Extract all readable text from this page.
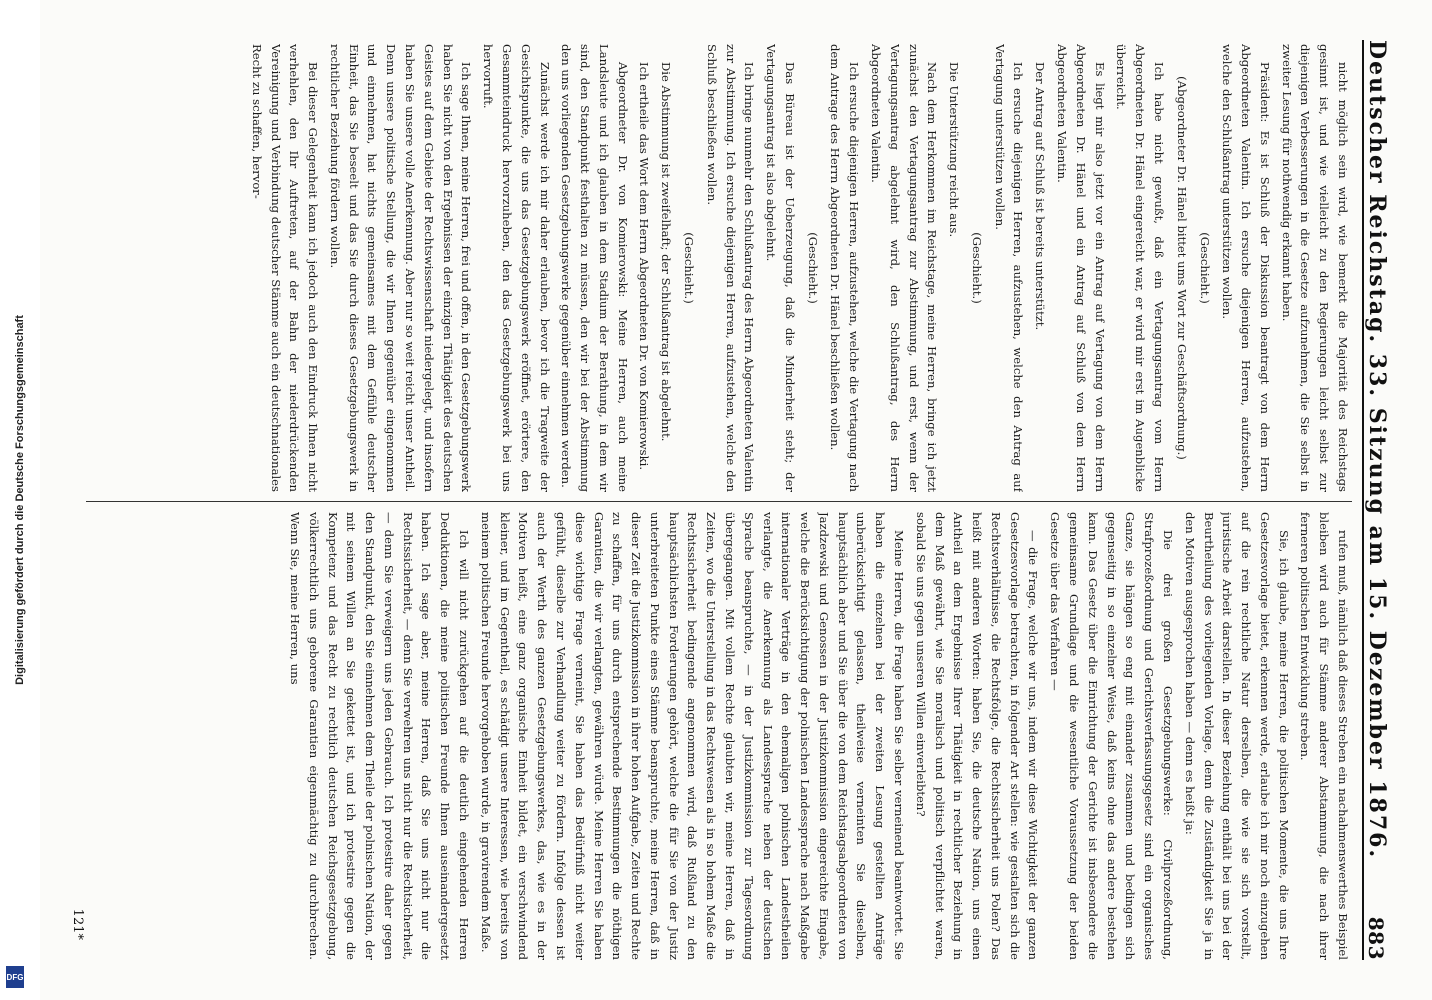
Digitalisierung gefördert durch die Deutsche Forschungsgemeinschaft
DFG
Deutscher Reichstag. 33. Sitzung am 15. Dezember 1876.
883

nicht möglich sein wird, wie bemerkt die Majorität des Reichstags gesinnt ist, und wie vielleicht zu den Regierungen leicht selbst zur diejenigen Verbesserungen in die Gesetze aufzunehmen, die Sie selbst in zweiter Lesung für nothwendig erkannt haben.

Präsident: Es ist Schluß der Diskussion beantragt von dem Herrn Abgeordneten Valentin. Ich ersuche diejenigen Herren, aufzustehen, welche den Schlußantrag unterstützen wollen.

(Geschieht.)

(Abgeordneter Dr. Hänel bittet ums Wort zur Geschäftsordnung.)

Ich habe nicht gewußt, daß ein Vertagungsantrag vom Herrn Abgeordneten Dr. Hänel eingereicht war, er wird mir erst im Augenblicke überreicht.

Es liegt mir also jetzt vor ein Antrag auf Vertagung von dem Herrn Abgeordneten Dr. Hänel und ein Antrag auf Schluß von dem Herrn Abgeordneten Valentin.

Der Antrag auf Schluß ist bereits unterstützt.

Ich ersuche diejenigen Herren, aufzustehen, welche den Antrag auf Vertagung unterstützen wollen.

(Geschieht.)

Die Unterstützung reicht aus.

Nach dem Herkommen im Reichstage, meine Herren, bringe ich jetzt zunächst den Vertagungsantrag zur Abstimmung, und erst, wenn der Vertagungsantrag abgelehnt wird, den Schlußantrag, des Herrn Abgeordneten Valentin.

Ich ersuche diejenigen Herren, aufzustehen, welche die Vertagung nach dem Antrage des Herrn Abgeordneten Dr. Hänel beschließen wollen.

(Geschieht.)

Das Büreau ist der Ueberzeugung, daß die Minderheit steht; der Vertagungsantrag ist also abgelehnt.

Ich bringe nunmehr den Schlußantrag des Herrn Abgeordneten Valentin zur Abstimmung. Ich ersuche diejenigen Herren, aufzustehen, welche den Schluß beschließen wollen.

(Geschieht.)

Die Abstimmung ist zweifelhaft; der Schlußantrag ist abgelehnt.

Ich ertheile das Wort dem Herrn Abgeordneten Dr. von Komierowski.

Abgeordneter Dr. von Komierowski: Meine Herren, auch meine Landsleute und ich glauben in dem Stadium der Berathung, in dem wir sind, den Standpunkt festhalten zu müssen, den wir bei der Abstimmung den uns vorliegenden Gesetzgebungswerke gegenüber einnehmen werden.

Zunächst werde ich mir daher erlauben, bevor ich die Tragweite der Gesichtspunkte, die uns das Gesetzgebungswerk eröffnet, erörtere, den Gesammteindruck hervorzuheben, den das Gesetzgebungswerk bei uns hervorruft.

Ich sage Ihnen, meine Herren, frei und offen, in den Gesetzgebungswerk haben Sie nicht von den Ergebnissen der einzigen Thätigkeit des deutschen Geistes auf dem Gebiete der Rechtswissenschaft niedergelegt, und insofern haben Sie unsere volle Anerkennung. Aber nur so weit reicht unser Antheil. Denn unsere politische Stellung, die wir Ihnen gegenüber eingenommen und einnehmen, hat nichts gemeinsames mit dem Gefühle deutscher Einheit, das Sie beseelt und das Sie durch dieses Gesetzgebungswerk in rechtlicher Beziehung fördern wollen.

Bei dieser Gelegenheit kann ich jedoch auch den Eindruck Ihnen nicht verhehlen, den Ihr Auftreten, auf der Bahn der niederdrückenden Vereinigung und Verbindung deutscher Stämme auch ein deutschnationales Recht zu schaffen, hervor-

rufen muß, nämlich daß dieses Streben ein nachahmenswerthes Beispiel bleiben wird auch für Stämme anderer Abstammung, die nach ihrer ferneren politischen Entwicklung streben.

Sie, ich glaube, meine Herren, die politischen Momente, die uns Ihre Gesetzesvorlage bietet, erkennen werde, erlaube ich mir noch einzugehen auf die rein rechtliche Natur derselben, die wie sie sich vorstellt, juristische Arbeit darstellen. In dieser Beziehung enthält bei uns bei der Beurtheilung des vorliegenden Vorlage, denn die Zuständigkeit Sie ja in den Motiven ausgesprochen haben — denn es heißt ja:

Die drei großen Gesetzgebungswerke: Civilprozeßordnung, Strafprozeßordnung und Gerichtsverfassungsgesetz sind ein organisches Ganze, sie hängen so eng mit einander zusammen und bedingen sich gegenseitig in so einzelner Weise, daß keins ohne das andere bestehen kann. Das Gesetz über die Einrichtung der Gerichte ist insbesondere die gemeinsame Grundlage und die wesentliche Voraussetzung der beiden Gesetze über das Verfahren —

— die Frage, welche wir uns, indem wir diese Wichtigkeit der ganzen Gesetzesvorlage betrachten, in folgender Art stellen: wie gestalten sich die Rechtsverhältnisse, die Rechtsfolge, die Rechtssicherheit uns Polen? Das heißt mit anderen Worten: haben Sie, die deutsche Nation, uns einen Antheil an dem Ergebnisse Ihrer Thätigkeit in rechtlicher Beziehung in dem Maß gewährt, wie Sie moralisch und politisch verpflichtet waren, sobald Sie uns gegen unseren Willen einverleibten?

Meine Herren, die Frage haben Sie selber verneinend beantwortet. Sie haben die einzelnen bei der zweiten Lesung gestellten Anträge unberücksichtigt gelassen, theilweise verneinten Sie dieselben, hauptsächlich aber und Sie über die von dem Reichstagsabgeordneten von Jazdzewski und Genossen in der Justizkommission eingereichte Eingabe, welche die Berücksichtigung der polnischen Landessprache nach Maßgabe internationaler Verträge in den ehemaligen polnischen Landestheilen verlangte, die Anerkennung als Landessprache neben der deutschen Sprache beanspruchte, — in der Justizkommission zur Tagesordnung übergegangen. Mit vollem Rechte glaubten wir, meine Herren, daß in Zeiten, wo die Unterstellung in das Rechtswesen als in so hohem Maße die Rechtssicherheit bedingende angenommen wird, daß Rußland zu den hauptsächlichsten Forderungen gehört, welche die für Sie von der Justiz unterbreiteten Punkte eines Stämme beanspruchte, meine Herren, daß in dieser Zeit die Justizkommission in ihrer hohen Aufgabe, Zeiten und Rechte zu schaffen, für uns durch entsprechende Bestimmungen die nöthigen Garantien, die wir verlangten, gewähren würde. Meine Herren Sie haben diese wichtige Frage verneint, Sie haben das Bedürfniß nicht weiter gefühlt, dieselbe zur Verhandlung weiter zu fördern. Infolge dessen ist auch der Werth des ganzen Gesetzgebungswerkes, das, wie es in der Motiven heißt, eine ganz organische Einheit bildet, ein verschwindend kleiner, und im Gegentheil, es schädigt unsere Interessen, wie bereits von meinem politischen Freunde hervorgehoben wurde, in gravirendem Maße.

Ich will nicht zurückgehen auf die deutlich eingehenden Herren Deduktionen, die meine politischen Freunde Ihnen auseinandergesetzt haben. Ich sage aber, meine Herren, daß Sie uns nicht nur die Rechtssicherheit, — denn Sie verwehren uns nicht nur die Rechtsicherheit, — denn Sie verweigern uns jeden Gebrauch. Ich protestire daher gegen den Standpunkt, den Sie einnehmen dem Theile der polnischen Nation, der mit seinem Willen an Sie gekettet ist, und ich protestire gegen die Kompetenz und das Recht zu rechtlich deutschen Reichsgesetzgebung, völkerrechtlich uns geborene Garantien eigenmächtig zu durchbrechen. Wenn Sie, meine Herren, uns

121*
